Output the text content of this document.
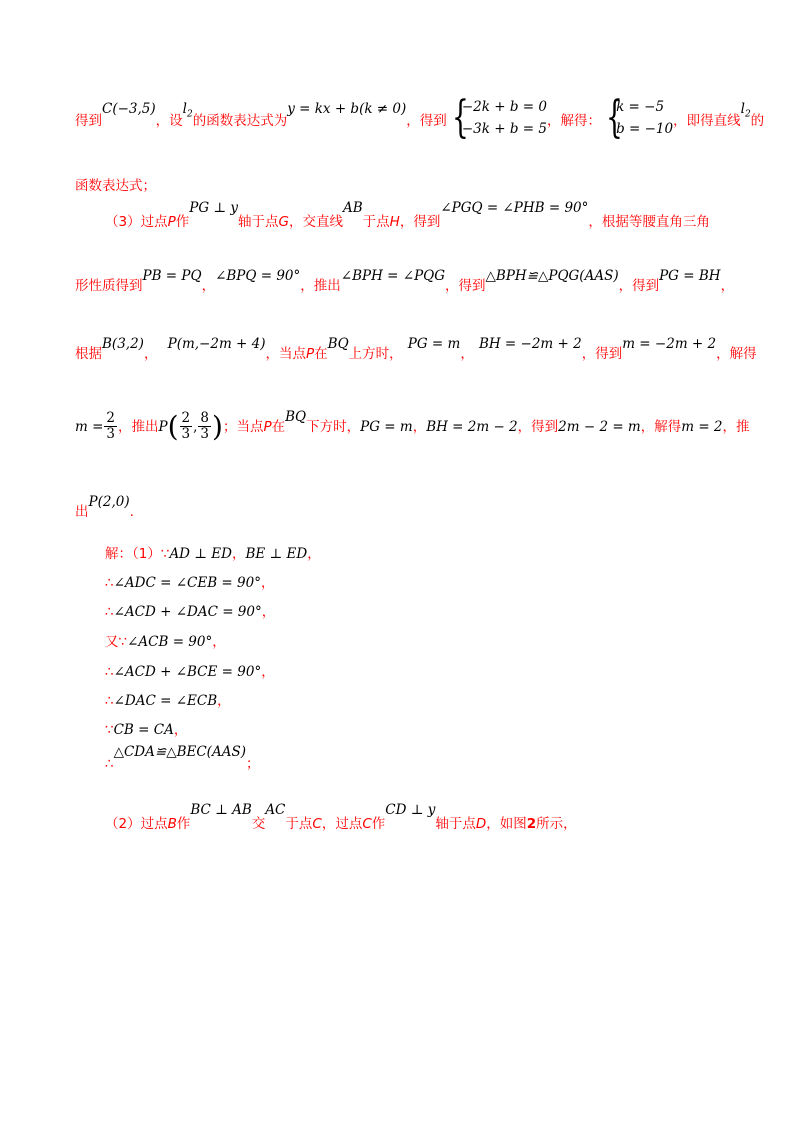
得到$^{C(-3,5)}$，设$^{l_2}$的函数表达式为$^{y = kx + b(k \ne 0)}$，得到 {
−2k + b = 0
−3k + b = 5
，解得： {
k = −5
b = −10
，即得直线$^{l_2}$的
函数表达式；
（3）过点P作$^{PG \perp y}$轴于点G，交直线$^{AB}$于点H，得到$^{\angle PGQ = \angle PHB = 90^\circ}$，根据等腰直角三角
形性质得到$^{PB = PQ}$，$^{\angle BPQ = 90^\circ}$，推出$^{\angle BPH = \angle PQG}$，得到$^{\triangle BPH≌\triangle PQG(AAS)}$，得到$^{PG = BH}$，
根据$^{B(3,2)}$，  $^{P(m,-2m + 4)}$，当点P在$^{BQ}$上方时， $^{PG = m}$， $^{BH = -2m + 2}$，得到$^{m = -2m + 2}$，解得
$m = \frac{2}{3}$ ，推出$P( \frac{2}{3}$ , $\frac{8}{3}$ )；当点P在$^{BQ}$下方时，PG = m，BH = 2m − 2，得到2m − 2 = m，解得m = 2，推
出$^{P(2,0)}$.
解：（1）∵AD ⊥ ED，BE ⊥ ED，
∴∠ADC = ∠CEB = 90°，
∴∠ACD + ∠DAC = 90°，
又∵∠ACB = 90°，
∴∠ACD + ∠BCE = 90°，
∴∠DAC = ∠ECB，
∵CB = CA，
∴$^{\triangle CDA≌\triangle BEC(AAS)}$；
（2）过点B作$^{BC \perp AB}$交$^{AC}$于点C，过点C作$^{CD \perp y}$轴于点D，如图2所示，
